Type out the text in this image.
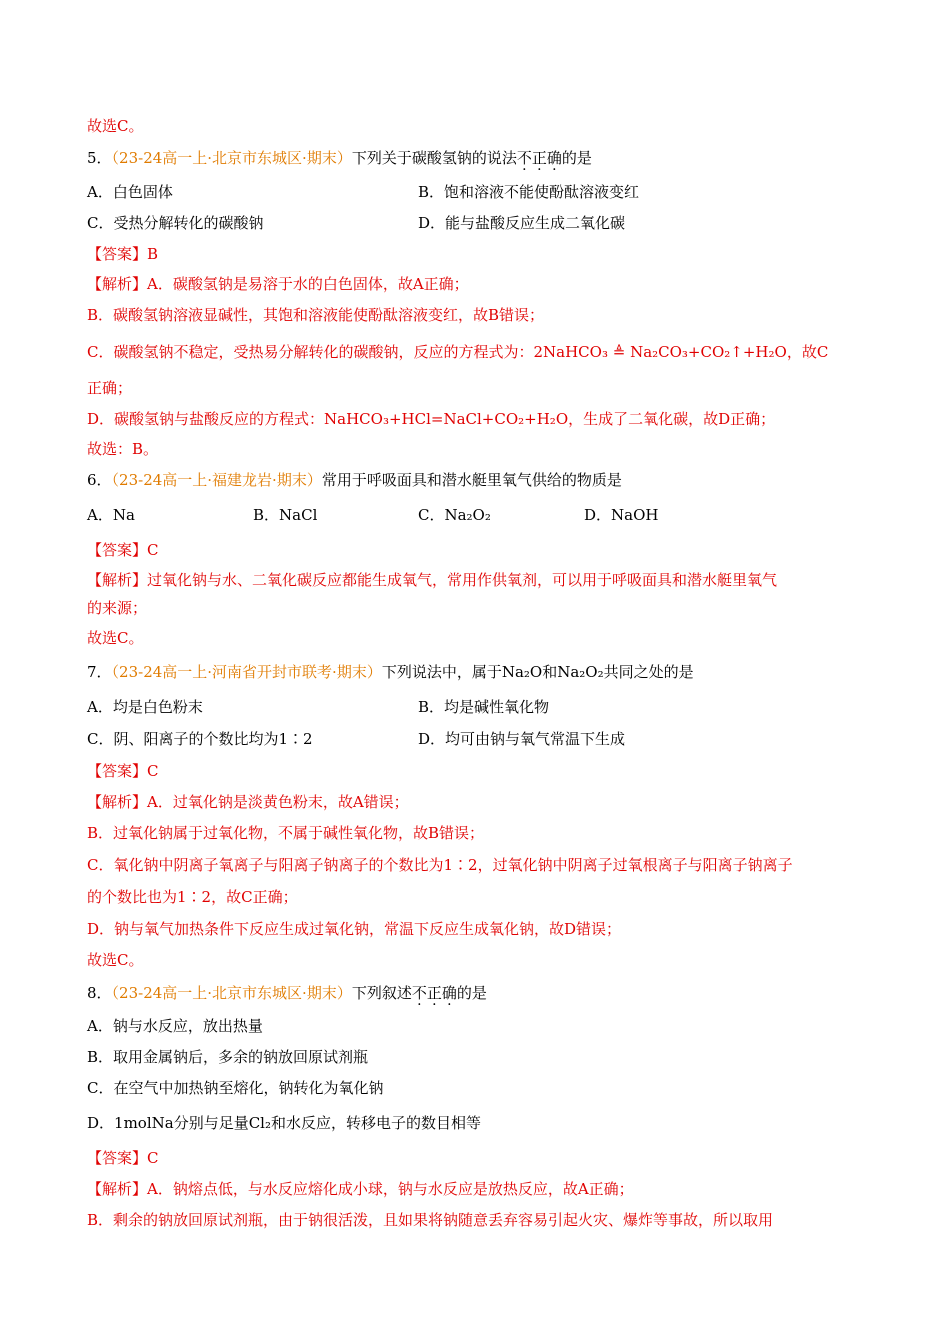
故选C。
5．（23-24高一上·北京市东城区·期末）下列关于碳酸氢钠的说法不正确的是
A．白色固体	B．饱和溶液不能使酚酞溶液变红
C．受热分解转化的碳酸钠	D．能与盐酸反应生成二氧化碳
【答案】B
【解析】A．碳酸氢钠是易溶于水的白色固体，故A正确；
B．碳酸氢钠溶液显碱性，其饱和溶液能使酚酞溶液变红，故B错误；
C．碳酸氢钠不稳定，受热易分解转化的碳酸钠，反应的方程式为：2NaHCO₃ ≜ Na₂CO₃+CO₂↑+H₂O，故C
正确；
D．碳酸氢钠与盐酸反应的方程式：NaHCO₃+HCl=NaCl+CO₂+H₂O，生成了二氧化碳，故D正确；
故选：B。
6．（23-24高一上·福建龙岩·期末）常用于呼吸面具和潜水艇里氧气供给的物质是
A．Na	B．NaCl	C．Na₂O₂	D．NaOH
【答案】C
【解析】过氧化钠与水、二氧化碳反应都能生成氧气，常用作供氧剂，可以用于呼吸面具和潜水艇里氧气
的来源；
故选C。
7．（23-24高一上·河南省开封市联考·期末）下列说法中，属于Na₂O和Na₂O₂共同之处的是
A．均是白色粉末	B．均是碱性氧化物
C．阴、阳离子的个数比均为1∶2	D．均可由钠与氧气常温下生成
【答案】C
【解析】A．过氧化钠是淡黄色粉末，故A错误；
B．过氧化钠属于过氧化物，不属于碱性氧化物，故B错误；
C．氧化钠中阴离子氧离子与阳离子钠离子的个数比为1∶2，过氧化钠中阴离子过氧根离子与阳离子钠离子
的个数比也为1∶2，故C正确；
D．钠与氧气加热条件下反应生成过氧化钠，常温下反应生成氧化钠，故D错误；
故选C。
8．（23-24高一上·北京市东城区·期末）下列叙述不正确的是
A．钠与水反应，放出热量
B．取用金属钠后，多余的钠放回原试剂瓶
C．在空气中加热钠至熔化，钠转化为氧化钠
D．1molNa分别与足量Cl₂和水反应，转移电子的数目相等
【答案】C
【解析】A．钠熔点低，与水反应熔化成小球，钠与水反应是放热反应，故A正确；
B．剩余的钠放回原试剂瓶，由于钠很活泼，且如果将钠随意丢弃容易引起火灾、爆炸等事故，所以取用
